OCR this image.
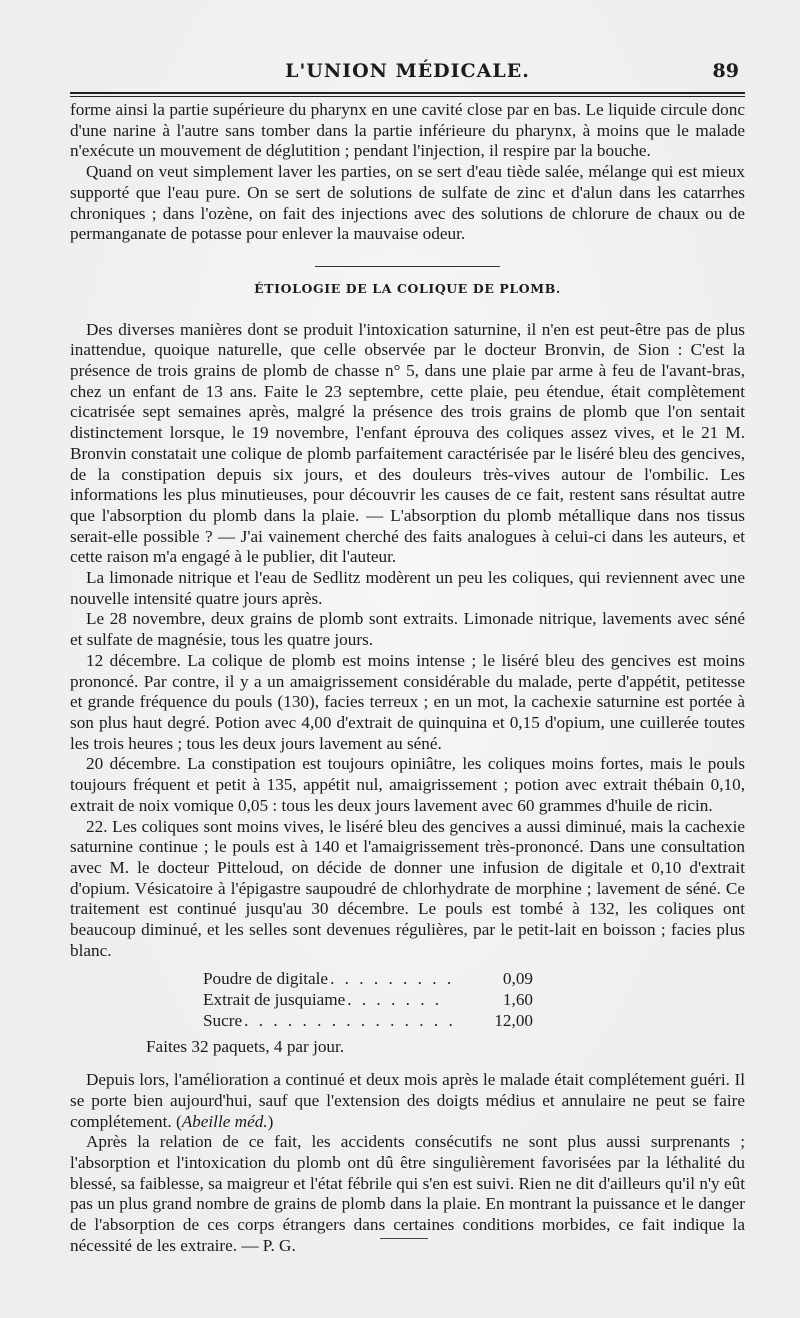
L'UNION MÉDICALE.	89

forme ainsi la partie supérieure du pharynx en une cavité close par en bas. Le liquide circule donc d'une narine à l'autre sans tomber dans la partie inférieure du pharynx, à moins que le malade n'exécute un mouvement de déglutition ; pendant l'injection, il respire par la bouche.

Quand on veut simplement laver les parties, on se sert d'eau tiède salée, mélange qui est mieux supporté que l'eau pure. On se sert de solutions de sulfate de zinc et d'alun dans les catarrhes chroniques ; dans l'ozène, on fait des injections avec des solutions de chlorure de chaux ou de permanganate de potasse pour enlever la mauvaise odeur.

ÉTIOLOGIE DE LA COLIQUE DE PLOMB.

Des diverses manières dont se produit l'intoxication saturnine, il n'en est peut-être pas de plus inattendue, quoique naturelle, que celle observée par le docteur Bronvin, de Sion : C'est la présence de trois grains de plomb de chasse n° 5, dans une plaie par arme à feu de l'avant-bras, chez un enfant de 13 ans. Faite le 23 septembre, cette plaie, peu étendue, était complètement cicatrisée sept semaines après, malgré la présence des trois grains de plomb que l'on sentait distinctement lorsque, le 19 novembre, l'enfant éprouva des coliques assez vives, et le 21 M. Bronvin constatait une colique de plomb parfaitement caractérisée par le liséré bleu des gencives, de la constipation depuis six jours, et des douleurs très-vives autour de l'ombilic. Les informations les plus minutieuses, pour découvrir les causes de ce fait, restent sans résultat autre que l'absorption du plomb dans la plaie. — L'absorption du plomb métallique dans nos tissus serait-elle possible ? — J'ai vainement cherché des faits analogues à celui-ci dans les auteurs, et cette raison m'a engagé à le publier, dit l'auteur.

La limonade nitrique et l'eau de Sedlitz modèrent un peu les coliques, qui reviennent avec une nouvelle intensité quatre jours après.

Le 28 novembre, deux grains de plomb sont extraits. Limonade nitrique, lavements avec séné et sulfate de magnésie, tous les quatre jours.

12 décembre. La colique de plomb est moins intense ; le liséré bleu des gencives est moins prononcé. Par contre, il y a un amaigrissement considérable du malade, perte d'appétit, petitesse et grande fréquence du pouls (130), facies terreux ; en un mot, la cachexie saturnine est portée à son plus haut degré. Potion avec 4,00 d'extrait de quinquina et 0,15 d'opium, une cuillerée toutes les trois heures ; tous les deux jours lavement au séné.

20 décembre. La constipation est toujours opiniâtre, les coliques moins fortes, mais le pouls toujours fréquent et petit à 135, appétit nul, amaigrissement ; potion avec extrait thébain 0,10, extrait de noix vomique 0,05 : tous les deux jours lavement avec 60 grammes d'huile de ricin.

22. Les coliques sont moins vives, le liséré bleu des gencives a aussi diminué, mais la cachexie saturnine continue ; le pouls est à 140 et l'amaigrissement très-prononcé. Dans une consultation avec M. le docteur Pitteloud, on décide de donner une infusion de digitale et 0,10 d'extrait d'opium. Vésicatoire à l'épigastre saupoudré de chlorhydrate de morphine ; lavement de séné. Ce traitement est continué jusqu'au 30 décembre. Le pouls est tombé à 132, les coliques ont beaucoup diminué, et les selles sont devenues régulières, par le petit-lait en boisson ; facies plus blanc.

Poudre de digitale . . . . . . . . .	0,09
Extrait de jusquiame . . . . . . .	1,60
Sucre . . . . . . . . . . . . . . .	12,00
Faites 32 paquets, 4 par jour.

Depuis lors, l'amélioration a continué et deux mois après le malade était complétement guéri. Il se porte bien aujourd'hui, sauf que l'extension des doigts médius et annulaire ne peut se faire complétement. (Abeille méd.)

Après la relation de ce fait, les accidents consécutifs ne sont plus aussi surprenants ; l'absorption et l'intoxication du plomb ont dû être singulièrement favorisées par la léthalité du blessé, sa faiblesse, sa maigreur et l'état fébrile qui s'en est suivi. Rien ne dit d'ailleurs qu'il n'y eût pas un plus grand nombre de grains de plomb dans la plaie. En montrant la puissance et le danger de l'absorption de ces corps étrangers dans certaines conditions morbides, ce fait indique la nécessité de les extraire. — P. G.
